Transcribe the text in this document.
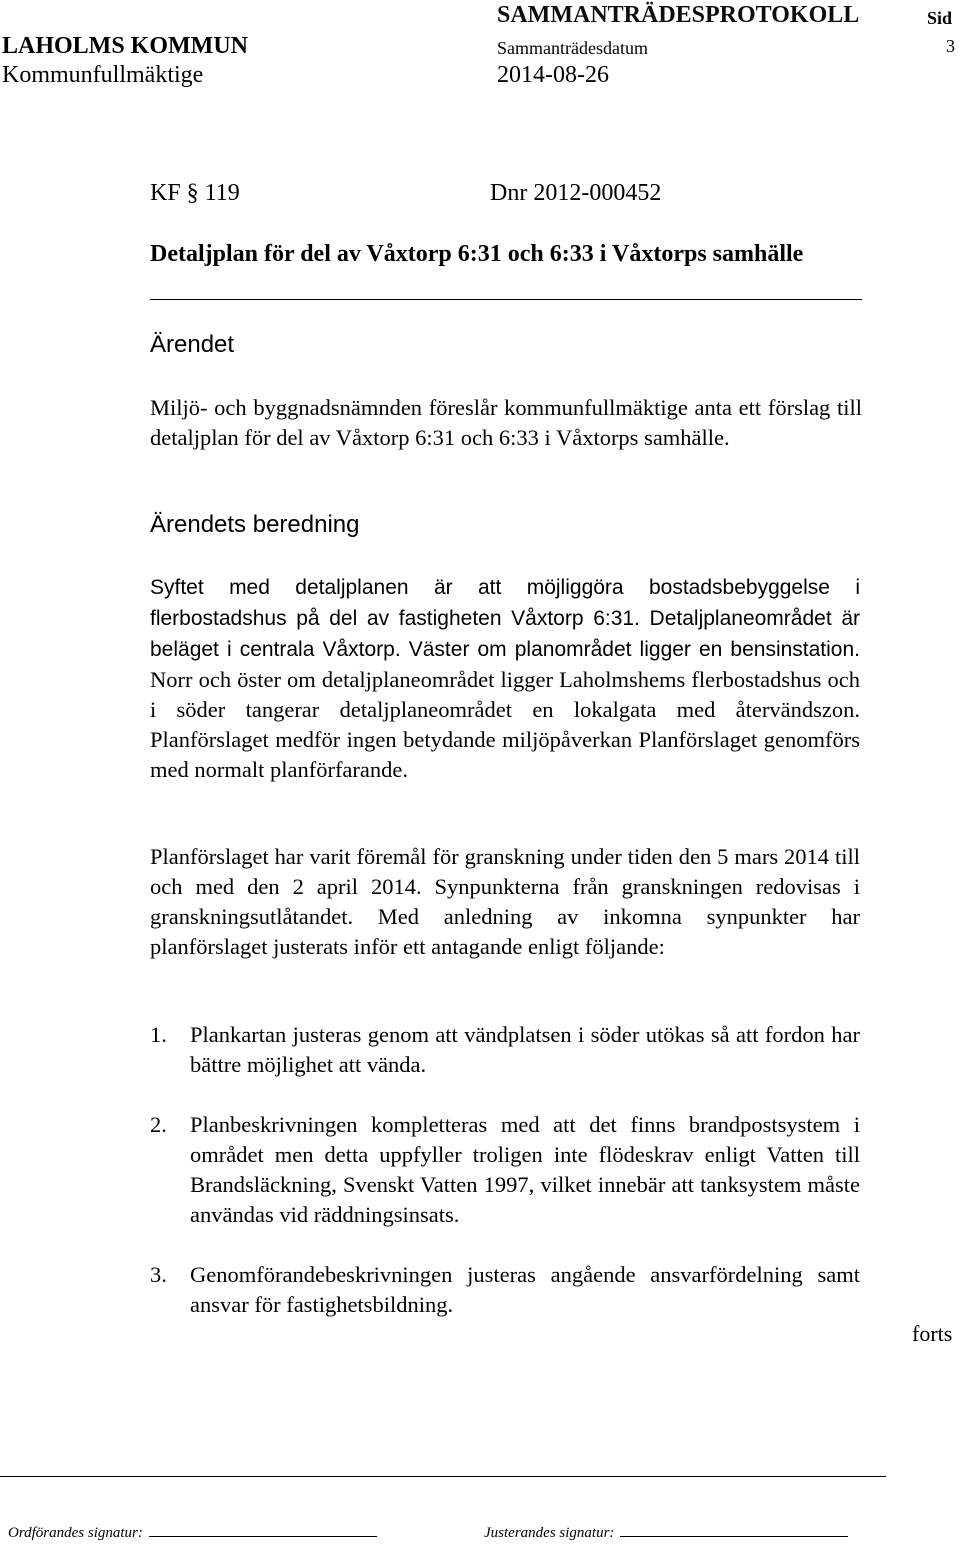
SAMMANTRÄDESPROTOKOLL	Sid
LAHOLMS KOMMUN	Sammanträdesdatum	3
Kommunfullmäktige	2014-08-26
KF § 119	Dnr 2012-000452
Detaljplan för del av Våxtorp 6:31 och 6:33 i Våxtorps samhälle
Ärendet
Miljö- och byggnadsnämnden föreslår kommunfullmäktige anta ett förslag till detaljplan för del av Våxtorp 6:31 och 6:33 i Våxtorps samhälle.
Ärendets beredning
Syftet med detaljplanen är att möjliggöra bostadsbebyggelse i flerbostadshus på del av fastigheten Våxtorp 6:31. Detaljplaneområdet är beläget i centrala Våxtorp. Väster om planområdet ligger en bensinstation. Norr och öster om detaljplaneområdet ligger Laholmshems flerbostadshus och i söder tangerar detaljplaneområdet en lokalgata med återvändszon. Planförslaget medför ingen betydande miljöpåverkan Planförslaget genomförs med normalt planförfarande.
Planförslaget har varit föremål för granskning under tiden den 5 mars 2014 till och med den 2 april 2014. Synpunkterna från granskningen redovisas i granskningsutlåtandet. Med anledning av inkomna synpunkter har planförslaget justerats inför ett antagande enligt följande:
1. Plankartan justeras genom att vändplatsen i söder utökas så att fordon har bättre möjlighet att vända.
2. Planbeskrivningen kompletteras med att det finns brandpostsystem i området men detta uppfyller troligen inte flödeskrav enligt Vatten till Brandsläckning, Svenskt Vatten 1997, vilket innebär att tanksystem måste användas vid räddningsinsats.
3. Genomförandebeskrivningen justeras angående ansvarfördelning samt ansvar för fastighetsbildning.
forts
Ordförandes signatur:	Justerandes signatur:
